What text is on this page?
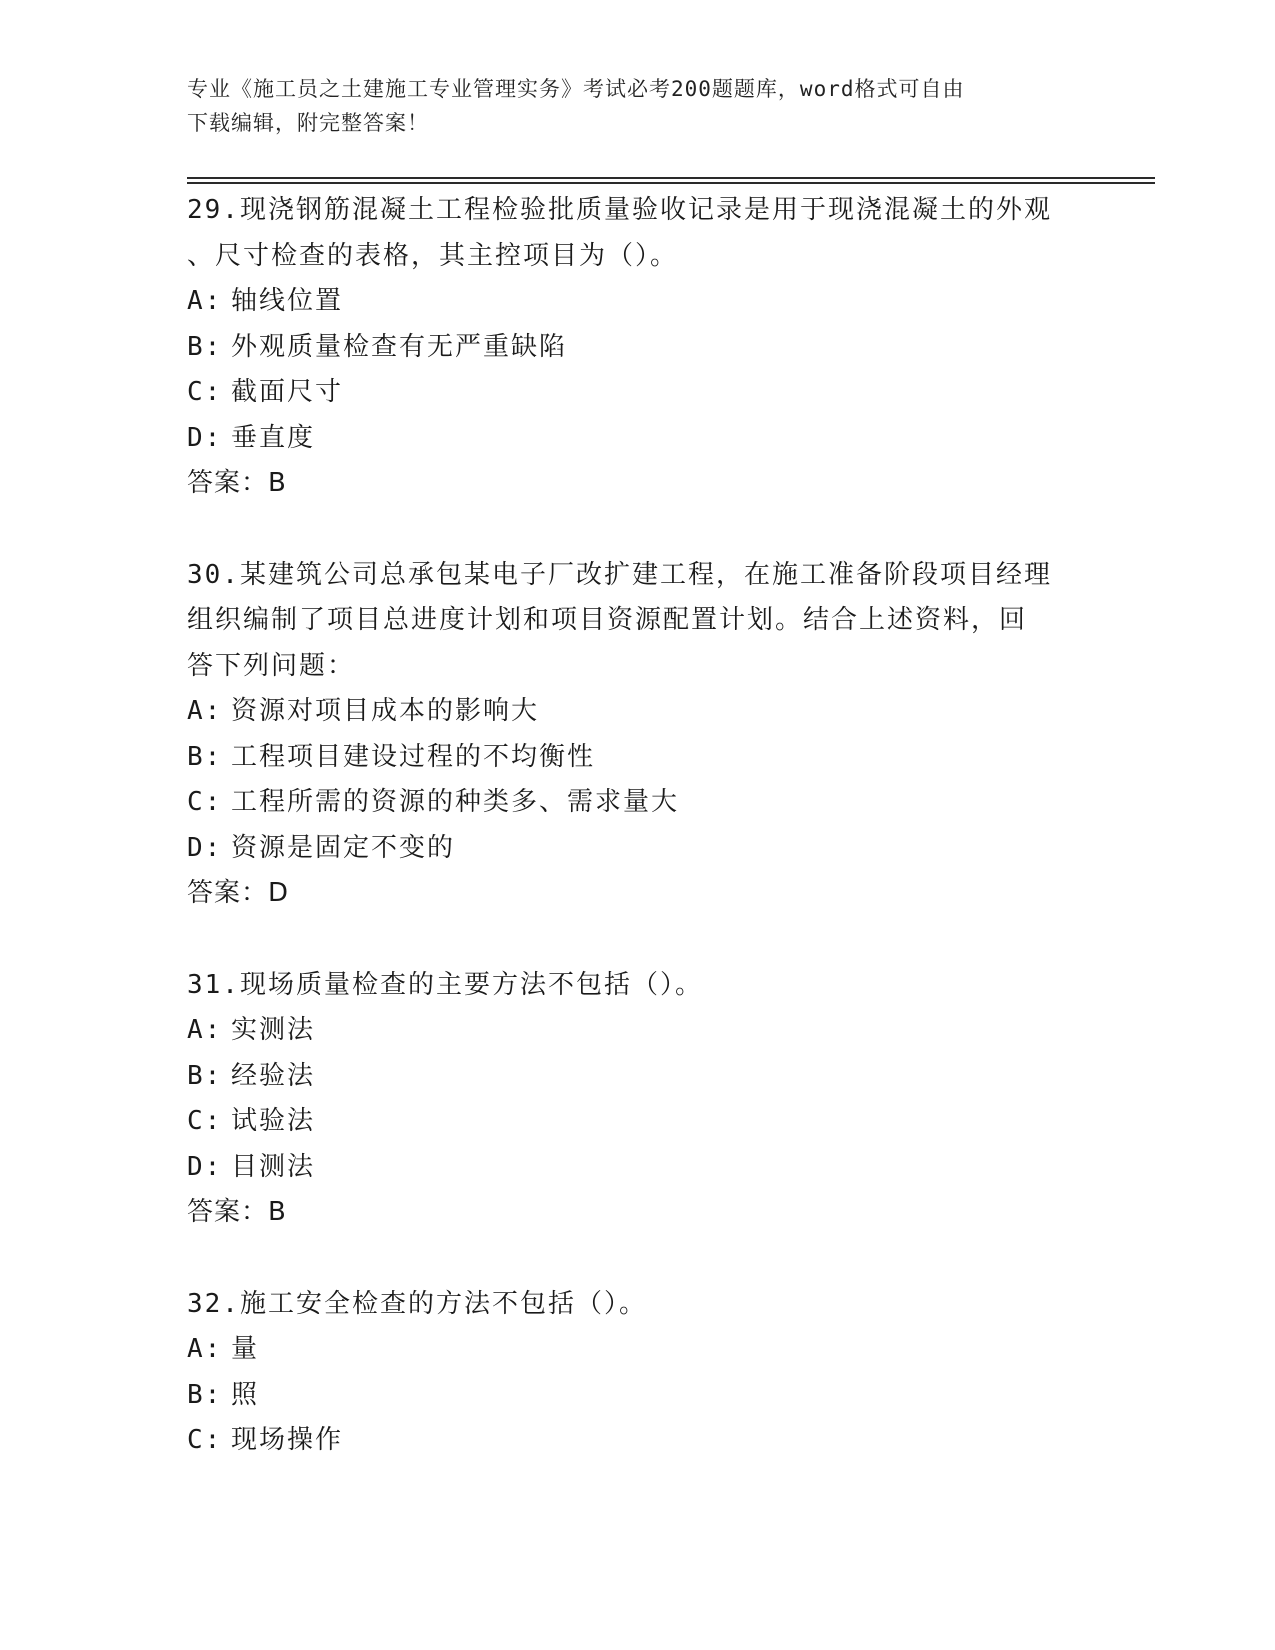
专业《施工员之土建施工专业管理实务》考试必考200题题库，word格式可自由
下载编辑，附完整答案！
29.现浇钢筋混凝土工程检验批质量验收记录是用于现浇混凝土的外观
、尺寸检查的表格，其主控项目为（）。
A: 轴线位置
B: 外观质量检查有无严重缺陷
C: 截面尺寸
D: 垂直度
答案：B
30.某建筑公司总承包某电子厂改扩建工程，在施工准备阶段项目经理
组织编制了项目总进度计划和项目资源配置计划。结合上述资料，回
答下列问题：
A: 资源对项目成本的影响大
B: 工程项目建设过程的不均衡性
C: 工程所需的资源的种类多、需求量大
D: 资源是固定不变的
答案：D
31.现场质量检查的主要方法不包括（）。
A: 实测法
B: 经验法
C: 试验法
D: 目测法
答案：B
32.施工安全检查的方法不包括（）。
A: 量
B: 照
C: 现场操作
